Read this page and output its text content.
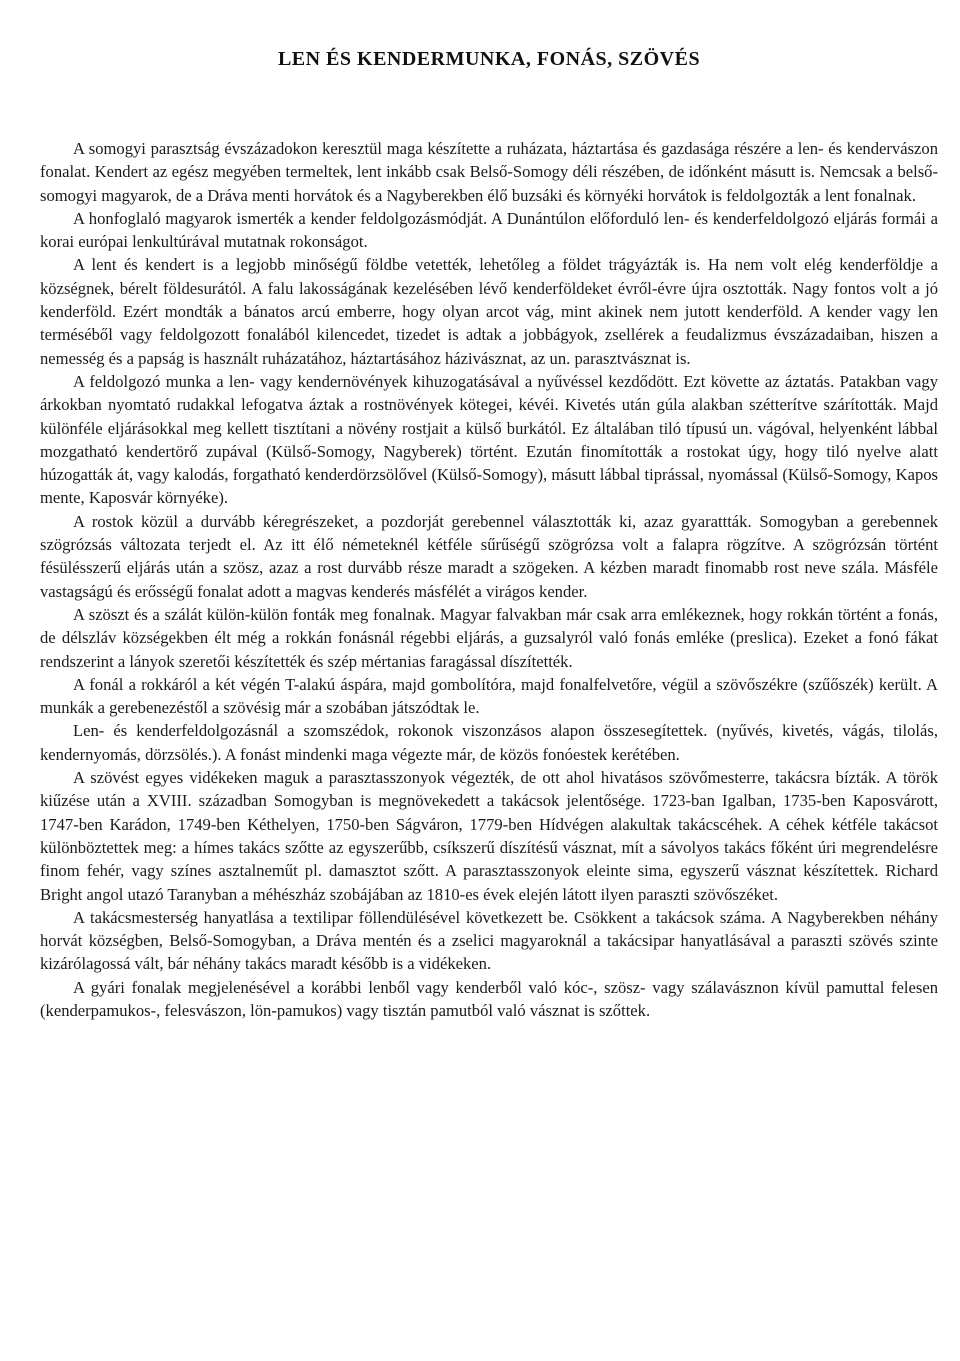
LEN ÉS KENDERMUNKA, FONÁS, SZÖVÉS

A somogyi parasztság évszázadokon keresztül maga készítette a ruházata, háztartása és gazdasága részére a len- és kendervászon fonalat. Kendert az egész megyében termeltek, lent inkább csak Belső-Somogy déli részében, de időnként másutt is. Nemcsak a belső-somogyi magyarok, de a Dráva menti horvátok és a Nagyberekben élő buzsáki és környéki horvátok is feldolgozták a lent fonalnak.

A honfoglaló magyarok ismerték a kender feldolgozásmódját. A Dunántúlon előforduló len- és kenderfeldolgozó eljárás formái a korai európai lenkultúrával mutatnak rokonságot.

A lent és kendert is a legjobb minőségű földbe vetették, lehetőleg a földet trágyázták is. Ha nem volt elég kenderföldje a községnek, bérelt földesurától. A falu lakosságának kezelésében lévő kenderföldeket évről-évre újra osztották. Nagy fontos volt a jó kenderföld. Ezért mondták a bánatos arcú emberre, hogy olyan arcot vág, mint akinek nem jutott kenderföld. A kender vagy len terméséből vagy feldolgozott fonalából kilencedet, tizedet is adtak a jobbágyok, zsellérek a feudalizmus évszázadaiban, hiszen a nemesség és a papság is használt ruházatához, háztartásához házivásznat, az un. parasztvásznat is.

A feldolgozó munka a len- vagy kendernövények kihuzogatásával a nyűvéssel kezdődött. Ezt követte az áztatás. Patakban vagy árkokban nyomtató rudakkal lefogatva áztak a rostnövények kötegei, kévéi. Kivetés után gúla alakban szétterítve szárították. Majd különféle eljárásokkal meg kellett tisztítani a növény rostjait a külső burkától. Ez általában tiló típusú un. vágóval, helyenként lábbal mozgatható kendertörő zupával (Külső-Somogy, Nagyberek) történt. Ezután finomították a rostokat úgy, hogy tiló nyelve alatt húzogatták át, vagy kalodás, forgatható kenderdörzsölővel (Külső-Somogy), másutt lábbal tiprással, nyomással (Külső-Somogy, Kapos mente, Kaposvár környéke).

A rostok közül a durvább kéregrészeket, a pozdorját gerebennel választották ki, azaz gyarattták. Somogyban a gerebennek szögrózsás változata terjedt el. Az itt élő németeknél kétféle sűrűségű szögrózsa volt a falapra rögzítve. A szögrózsán történt fésülésszerű eljárás után a szösz, azaz a rost durvább része maradt a szögeken. A kézben maradt finomabb rost neve szála. Másféle vastagságú és erősségű fonalat adott a magvas kenderés másfélét a virágos kender.

A szöszt és a szálát külön-külön fonták meg fonalnak. Magyar falvakban már csak arra emlékeznek, hogy rokkán történt a fonás, de délszláv községekben élt még a rokkán fonásnál régebbi eljárás, a guzsalyról való fonás emléke (preslica). Ezeket a fonó fákat rendszerint a lányok szeretői készítették és szép mértanias faragással díszítették.

A fonál a rokkáról a két végén T-alakú áspára, majd gombolítóra, majd fonalfelvetőre, végül a szövőszékre (szűőszék) került. A munkák a gerebenezéstől a szövésig már a szobában játszódtak le.

Len- és kenderfeldolgozásnál a szomszédok, rokonok viszonzásos alapon összesegítettek. (nyűvés, kivetés, vágás, tilolás, kendernyomás, dörzsölés.). A fonást mindenki maga végezte már, de közös fonóestek kerétében.

A szövést egyes vidékeken maguk a parasztasszonyok végezték, de ott ahol hivatásos szövőmesterre, takácsra bízták. A török kiűzése után a XVIII. században Somogyban is megnövekedett a takácsok jelentősége. 1723-ban Igalban, 1735-ben Kaposvárott, 1747-ben Karádon, 1749-ben Kéthelyen, 1750-ben Ságváron, 1779-ben Hídvégen alakultak takácscéhek. A céhek kétféle takácsot különböztettek meg: a hímes takács szőtte az egyszerűbb, csíkszerű díszítésű vásznat, mít a sávolyos takács főként úri megrendelésre finom fehér, vagy színes asztalneműt pl. damasztot szőtt. A parasztasszonyok eleinte sima, egyszerű vásznat készítettek. Richard Bright angol utazó Taranyban a méhészház szobájában az 1810-es évek elején látott ilyen paraszti szövőszéket.

A takácsmesterség hanyatlása a textilipar föllendülésével következett be. Csökkent a takácsok száma. A Nagyberekben néhány horvát községben, Belső-Somogyban, a Dráva mentén és a zselici magyaroknál a takácsipar hanyatlásával a paraszti szövés szinte kizárólagossá vált, bár néhány takács maradt később is a vidékeken.

A gyári fonalak megjelenésével a korábbi lenből vagy kenderből való kóc-, szösz- vagy szálavásznon kívül pamuttal felesen (kenderpamukos-, felesvászon, lön-pamukos) vagy tisztán pamutból való vásznat is szőttek.
